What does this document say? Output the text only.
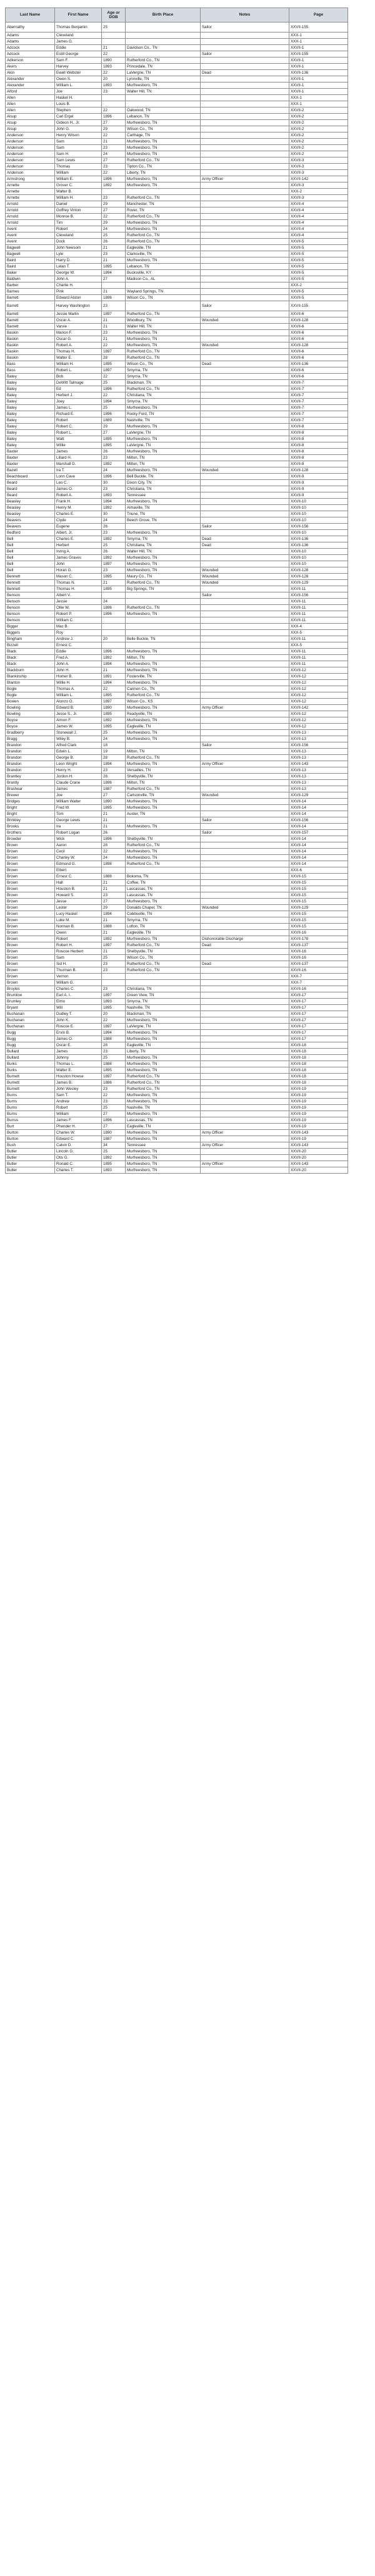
Last Name	First Name	Age or DOB	Birth Place	Notes	Page
Abernathy	Thomas Benjamin	25		Sailor	XXVII-155
Adams	Cleveland				XXX-1
Adams	James G.				XXX-1
Adcock	Eddie	21	Davidson Co., TN		XXVII-1
Adcock	Estill George	22		Sailor	XXVII-155
Adkerson	Sam F.	1890	Rutherford Co., TN		XXVII-1
Akers	Harvey	1893	Princedale, TN		XXVII-1
Akin	Ewell Webster	22	LaVergne, TN	Dead	XXVII-136
Alexander	Owen S.	20	Lynnville, TN		XXVII-1
Alexander	William L.	1893	Murfreesboro, TN		XXVII-1
Alford	Joe	23	Walter Hill, TN		XXVII-1
Allen	Haskel H.				XXX-1
Allen	Louis B.				XXX-1
Allen	Stephen	22	Oakwood, TN		XXVII-2
Alsup	Carl Ergel	1896	Lebanon, TN		XXVII-2
Alsup	Gideon H., Jr.	27	Murfreesboro, TN		XXVII-2
Alsup	John G.	29	Wilson Co., TN		XXVII-2
Anderson	Henry Wilson	22	Carthage, TN		XXVII-2
Anderson	Sam	21	Murfreesboro, TN		XXVII-2
Anderson	Sam	23	Murfreesboro, TN		XXVII-2
Anderson	Sam H.	24	Murfreesboro, TN		XXVII-2
Anderson	Sam Lewis	27	Rutherford Co., TN		XXVII-3
Anderson	Thomas	23	Tipton Co., TN		XXVII-3
Anderson	William	22	Liberty, TN		XXVII-3
Armstrong	William E.	1896	Murfreesboro, TN	Army Officer	XXVII-142
Arnette	Grover C.	1892	Murfreesboro, TN		XXVII-3
Arnette	Walter B.				XXX-2
Arnette	William H.	23	Rutherford Co., TN		XXVII-3
Arnold	Daniel	29	Manchester, TN		XXVII-4
Arnold	Goffrey Vinton	27	Rover, TN		XXVII-4
Arnold	Monroe B.	22	Rutherford Co., TN		XXVII-4
Arnold	Tim	29	Murfreesboro, TN		XXVII-4
Avent	Robert	24	Murfreesboro, TN		XXVII-4
Avent	Cleveland	25	Rutherford Co., TN		XXVII-4
Avent	Dock	26	Rutherford Co., TN		XXVII-5
Bagwell	John Newsom	21	Eagleville, TN		XXVII-5
Bagwell	Lyle	23	Clarksville, TN		XXVII-5
Baird	Harry D.	21	Murfreesboro, TN		XXVII-5
Baird	Lelan T.	1895	Lebanon, TN		XXVII-5
Baker	George W.	1894	Bucksville, KY		XXVII-5
Baldwin	John A.	27	Madison Co., AL		XXVII-5
Barber	Charlie H.				XXX-2
Barnes	Pink	21	Wayland Springs, TN		XXVII-5
Barrett	Edward Alston	1896	Wilson Co., TN		XXVII-5
Barrett	Harvey Washington	23		Sailor	XXVII-155
Barrett	Jessie Marlin	1897	Rutherford Co., TN		XXVII-6
Barrett	Oscar A.	21	Woodbury, TN	Wounded	XXVII-128
Barrett	Varvie	21	Walter Hill, TN		XXVII-6
Baskin	Marion F.	23	Murfreesboro, TN		XXVII-6
Baskin	Oscar G.	21	Murfreesboro, TN		XXVII-6
Baskin	Robert A.	22	Murfreesboro, TN	Wounded	XXVII-128
Baskin	Thomas H.	1897	Rutherford Co., TN		XXVII-6
Baskin	Walter E.	28	Rutherford Co., TN		XXVII-6
Bass	William H.	1895	Wilson Co., TN	Dead	XXVII-136
Bass	Robert L.	1897	Smyrna, TN		XXVII-6
Batey	Bob	22	Smyrna, TN		XXVII-6
Batey	DeWitt Talmage	25	Blackman, TN		XXVII-7
Batey	Ed	1896	Rutherford Co., TN		XXVII-7
Batey	Herbert J.	22	Christiana, TN		XXVII-7
Batey	Joey	1894	Smyrna, TN		XXVII-7
Batey	James L.	25	Murfreesboro, TN		XXVII-7
Batey	Richard E.	1896	Rocky Ford, TN		XXVII-7
Batey	Robert	1889	Nashville, TN		XXVII-7
Batey	Robert C.	29	Murfreesboro, TN		XXVII-8
Batey	Robert L.	27	LaVergne, TN		XXVII-8
Batey	Watt	1895	Murfreesboro, TN		XXVII-8
Batey	Willie	1895	LaVergne, TN		XXVII-8
Baxter	James	26	Murfreesboro, TN		XXVII-8
Baxter	Lillard H.	23	Milton, TN		XXVII-8
Baxter	Marshall D.	1892	Milton, TN		XXVII-8
Bazell	Ira T.	24	Murfreesboro, TN	Wounded	XXVII-128
Beachboard	Lonn Cave	1896	Bell Buckle, TN		XXVII-9
Beard	Leo C.	30	Dixon City, TN		XXVII-9
Beard	James O.	23	Christiana, TN		XXVII-9
Beard	Robert A.	1893	Tennessee		XXVII-9
Beasley	Frank H.	1894	Murfreesboro, TN		XXVII-10
Beasley	Henry M.	1892	Almaville, TN		XXVII-10
Beasley	Charles E.	30	Triune, TN		XXVII-10
Beavers	Clyde	24	Beech Grove, TN		XXVII-10
Beavers	Eugene	26		Sailor	XXVII-156
Bedford	Albert, Jr.	23	Murfreesboro, TN		XXVII-10
Bell	Charles E.	1892	Smyrna, TN	Dead	XXVII-136
Bell	Herbert	25	Christiana, TN	Dead	XXVII-136
Bell	Irving A.	26	Walter Hill, TN		XXVII-10
Bell	James Graves	1892	Murfreesboro, TN		XXVII-10
Bell	John	1897	Murfreesboro, TN		XXVII-10
Bell	Horan G.	23	Murfreesboro, TN	Wounded	XXVII-128
Bennett	Mason C.	1895	Maury Co., TN	Wounded	XXVII-128
Bennett	Thomas N.	21	Rutherford Co., TN	Wounded	XXVII-129
Bennett	Thomas H.	1895	Big Springs, TN		XXVII-11
Benson	Albert V.			Sailor	XXVII-156
Benson	Jessie	24			XXVII-11
Benson	Ollie W.	1896	Rutherford Co., TN		XXVII-11
Benson	Robert P.	1896	Murfreesboro, TN		XXVII-11
Benson	William C.				XXVII-11
Bigger	Mac B.				XXX-4
Biggers	Roy				XXX-5
Bingham	Andrew J.	20	Belle Buckle, TN		XXVII-11
Bizzell	Ernest C.				XXX-5
Black	Eddie	1896	Murfreesboro, TN		XXVII-11
Black	Fred A.	1892	Milton, TN		XXVII-11
Black	John A.	1894	Murfreesboro, TN		XXVII-11
Blackburn	John H.	21	Murfreesboro, TN		XXVII-12
Blankinship	Homer B.	1891	Fosterville, TN		XXVII-12
Blanton	Willie H.	1894	Murfreesboro, TN		XXVII-12
Bogle	Thomas A.	22	Cannon Co., TN		XXVII-12
Bogle	William L.	1895	Rutherford Co., TN		XXVII-12
Bowen	Alonzo O.	1897	Wilson Co., KS		XXVII-12
Bowling	Edward B.	1890	Murfreesboro, TN	Army Officer	XXVII-142
Bowling	Jesse S., Jr.	1895	Readyville, TN		XXVII-12
Boyce	Almon F.	1892	Murfreesboro, TN		XXVII-12
Boyce	James W.	1895	Eagleville, TN		XXVII-12
Bradberry	Stonewall J.	25	Murfreesboro, TN		XXVII-13
Bragg	Wiley B.	24	Murfreesboro, TN		XXVII-13
Brandon	Alfred Clark	18		Sailor	XXVII-156
Brandon	Edwin L.	19	Milton, TN		XXVII-13
Brandon	George B.	28	Rutherford Co., TN		XXVII-13
Brandon	Leon Wright	1894	Murfreesboro, TN	Army Officer	XXVII-143
Brandon	Henry H.	23	Versailles, TN		XXVII-13
Brantley	Jordon H.	28	Shelbyville, TN		XXVII-13
Brantly	Claude Crane	1896	Milton, TN		XXVII-13
Brashear	James	1887	Rutherford Co., TN		XXVII-13
Brewer	Joe	27	Carlsonville, TN	Wounded	XXVII-129
Bridges	William Walter	1890	Murfreesboro, TN		XXVII-14
Bright	Fred W.	1895	Murfreesboro, TN		XXVII-14
Bright	Tom	21	Auster, TN		XXVII-14
Brinkley	George Lewis	21		Sailor	XXVII-156
Brooks	Ira	21	Murfreesboro, TN		XXVII-14
Brothers	Robert Logan	26		Sailor	XXVII-157
Browder	Wick	1896	Shelbyville, TN		XXVII-14
Brown	Aaron	28	Rutherford Co., TN		XXVII-14
Brown	Cecil	22	Murfreesboro, TN		XXVII-14
Brown	Charley W.	24	Murfreesboro, TN		XXVII-14
Brown	Edmond G.	1898	Rutherford Co., TN		XXVII-14
Brown	Elbert				XXX-6
Brown	Ernest C.	1888	Bokoma, TN		XXVII-15
Brown	Hall	21	Coffee, TN		XXVII-15
Brown	Houston B.	21	Lascassas, TN		XXVII-15
Brown	Howard S.	23	Lascassas, TN		XXVII-15
Brown	Jesse	27	Murfreesboro, TN		XXVII-15
Brown	Lester	29	Donalds Chapel, TN	Wounded	XXVII-129
Brown	Lucy Haskel	1894	Cobbsville, TN		XXVII-15
Brown	Luke M.	21	Smyrna, TN		XXVII-15
Brown	Norman B.	1888	Lofton, TN		XXVII-15
Brown	Owen	21	Eagleville, TN		XXVII-16
Brown	Robert	1892	Murfreesboro, TN	Dishonorable Discharge	XXVII-178
Brown	Robert H.	1897	Rutherford Co., TN	Dead	XXVII-137
Brown	Roscoe Herbert	21	Shelbyville, TN		XXVII-16
Brown	Sam	25	Wilson Co., TN		XXVII-16
Brown	Sid H.	23	Rutherford Co., TN	Dead	XXVII-137
Brown	Thurman B.	23	Rutherford Co., TN		XXVII-16
Brown	Vernon				XXX-7
Brown	William G.				XXX-7
Broyles	Charles C.	23	Christiana, TN		XXVII-16
Brumlow	Earl A. I.	1897	Green View, TN		XXVII-17
Brumley	Elmo	1893	Smyrna, TN		XXVII-17
Bryant	Will	1895	Nashville, TN		XXVII-17
Buchanan	Dudley T.	20	Blackman, TN		XXVII-17
Buchanan	John K.	22	Murfreesboro, TN		XXVII-17
Buchanan	Roscoe E.	1897	LaVergne, TN		XXVII-17
Bugg	Ervin B.	1894	Murfreesboro, TN		XXVII-17
Bugg	James O.	1888	Murfreesboro, TN		XXVII-17
Bugg	Oscar E.	28	Eagleville, TN		XXVII-18
Bullard	James	23	Liberty, TN		XXVII-18
Bullard	Johnny	25	Murfreesboro, TN		XXVII-18
Burks	Thomas L.	1888	Murfreesboro, TN		XXVII-18
Burks	Walter E.	1895	Murfreesboro, TN		XXVII-18
Burnett	Houston Howse	1897	Rutherford Co., TN		XXVII-18
Burnett	James B.	1886	Rutherford Co., TN		XXVII-18
Burnett	John Wesley	23	Rutherford Co., TN		XXVII-19
Burns	Sam T.	22	Murfreesboro, TN		XXVII-19
Burns	Andrew	23	Murfreesboro, TN		XXVII-19
Burns	Robert	25	Nashville, TN		XXVII-19
Burns	William	27	Murfreesboro, TN		XXVII-19
Burrus	James F.	1896	Lascassas, TN		XXVII-19
Burt	Phender H.	27	Eagleville, TN		XXVII-19
Burton	Charles W.	1890	Murfreesboro, TN	Army Officer	XXVII-143
Burton	Edward C.	1887	Murfreesboro, TN		XXVII-19
Bush	Calvin D.	34	Tennessee	Army Officer	XXVII-143
Butler	Lincoln G.	25	Murfreesboro, TN		XXVII-20
Butler	Otis G.	1892	Murfreesboro, TN		XXVII-20
Butler	Ronald C.	1895	Murfreesboro, TN	Army Officer	XXVII-143
Butler	Charles T.	1893	Murfreesboro, TN		XXVII-20
